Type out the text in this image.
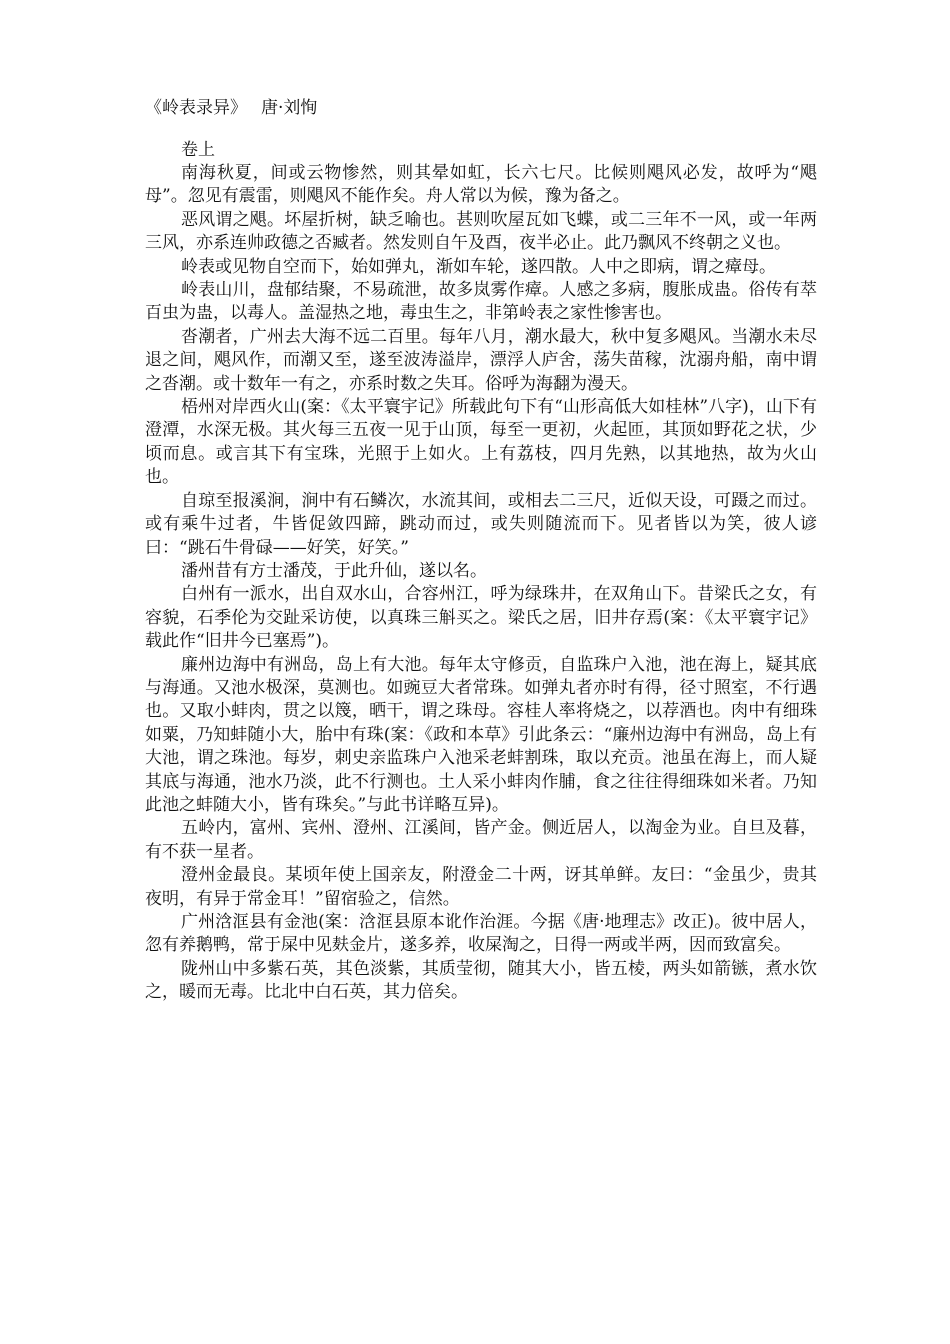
《岭表录异》 唐·刘恂
卷上

南海秋夏，间或云物惨然，则其晕如虹，长六七尺。比候则飓风必发，故呼为“飓母”。忽见有震雷，则飓风不能作矣。舟人常以为候，豫为备之。

恶风谓之飓。坏屋折树，缺乏喻也。甚则吹屋瓦如飞蝶，或二三年不一风，或一年两三风，亦系连帅政德之否臧者。然发则自午及酉，夜半必止。此乃飘风不终朝之义也。

岭表或见物自空而下，始如弹丸，渐如车轮，遂四散。人中之即病，谓之瘴母。

岭表山川，盘郁结聚，不易疏泄，故多岚雾作瘴。人感之多病，腹胀成蛊。俗传有萃百虫为蛊，以毒人。盖湿热之地，毒虫生之，非第岭表之家性惨害也。

沓潮者，广州去大海不远二百里。每年八月，潮水最大，秋中复多飓风。当潮水未尽退之间，飓风作，而潮又至，遂至波涛溢岸，漂浮人庐舍，荡失苗稼，沈溺舟船，南中谓之沓潮。或十数年一有之，亦系时数之失耳。俗呼为海翻为漫天。

梧州对岸西火山(案：《太平寰宇记》所载此句下有“山形高低大如桂林”八字)，山下有澄潭，水深无极。其火每三五夜一见于山顶，每至一更初，火起匝，其顶如野花之状，少顷而息。或言其下有宝珠，光照于上如火。上有荔枝，四月先熟，以其地热，故为火山也。

自琼至报溪涧，涧中有石鳞次，水流其间，或相去二三尺，近似天设，可蹑之而过。或有乘牛过者，牛皆促敛四蹄，跳动而过，或失则随流而下。见者皆以为笑，彼人谚曰：“跳石牛骨碌——好笑，好笑。”

潘州昔有方士潘茂，于此升仙，遂以名。

白州有一派水，出自双水山，合容州江，呼为绿珠井，在双角山下。昔梁氏之女，有容貌，石季伦为交趾采访使，以真珠三斛买之。梁氏之居，旧井存焉(案：《太平寰宇记》载此作“旧井今已塞焉”)。

廉州边海中有洲岛，岛上有大池。每年太守修贡，自监珠户入池，池在海上，疑其底与海通。又池水极深，莫测也。如豌豆大者常珠。如弹丸者亦时有得，径寸照室，不行遇也。又取小蚌肉，贯之以篾，晒干，谓之珠母。容桂人率将烧之，以荐酒也。肉中有细珠如粟，乃知蚌随小大，胎中有珠(案：《政和本草》引此条云：“廉州边海中有洲岛，岛上有大池，谓之珠池。每岁，刺史亲监珠户入池采老蚌割珠，取以充贡。池虽在海上，而人疑其底与海通，池水乃淡，此不行测也。土人采小蚌肉作脯，食之往往得细珠如米者。乃知此池之蚌随大小，皆有珠矣。”与此书详略互异)。

五岭内，富州、宾州、澄州、江溪间，皆产金。侧近居人，以淘金为业。自旦及暮，有不获一星者。

澄州金最良。某顷年使上国亲友，附澄金二十两，讶其单鲜。友曰：“金虽少，贵其夜明，有异于常金耳！”留宿验之，信然。

广州浛洭县有金池(案：浛洭县原本讹作治涯。今据《唐·地理志》改正)。彼中居人，忽有养鹅鸭，常于屎中见麸金片，遂多养，收屎淘之，日得一两或半两，因而致富矣。

陇州山中多紫石英，其色淡紫，其质莹彻，随其大小，皆五棱，两头如箭镞，煮水饮之，暖而无毒。比北中白石英，其力倍矣。
